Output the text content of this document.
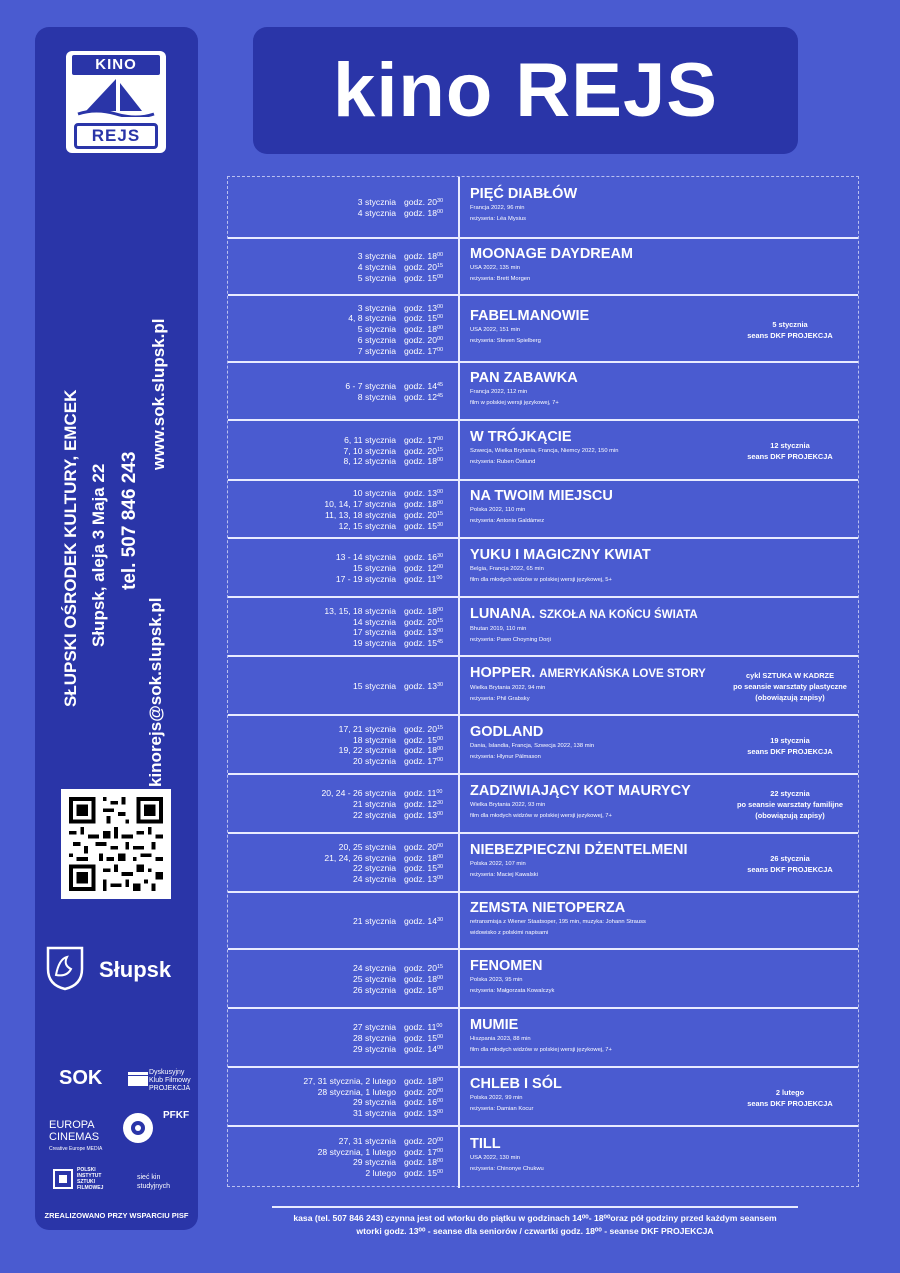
KINO
REJS
SŁUPSKI OŚRODEK KULTURY, EMCEK Słupsk, aleja 3 Maja 22 tel. 507 846 243
kinorejs@sok.slupsk.pl
www.sok.slupsk.pl
Słupsk
SOK	Dyskusyjny Klub Filmowy PROJEKCJA
EUROPA CINEMAS
Creative Europe MEDIA
PFKF
POLSKI INSTYTUT SZTUKI FILMOWEJ
sieć kin studyjnych
ZREALIZOWANO PRZY WSPARCIU PISF
kino REJS
3 stycznia
4 stycznia
godz. $20^{30}$
godz. $18^{00}$
PIĘĆ DIABŁÓW
Francja 2022, 96 min
reżyseria: Léa Mysius
3 stycznia
4 stycznia
5 stycznia
godz. $18^{00}$
godz. $20^{15}$
godz. $15^{00}$
MOONAGE DAYDREAM
USA 2022, 135 min
reżyseria: Brett Morgen
3 stycznia
4, 8 stycznia
5 stycznia
6 stycznia
7 stycznia
godz. $13^{00}$
godz. $15^{00}$
godz. $18^{00}$
godz. $20^{00}$
godz. $17^{00}$
FABELMANOWIE
USA 2022, 151 min
reżyseria: Steven Spielberg
5 stycznia
seans DKF PROJEKCJA
6 - 7 stycznia
8 stycznia
godz. $14^{45}$
godz. $12^{45}$
PAN ZABAWKA
Francja 2022, 112 min
film w polskiej wersji językowej, 7+
6, 11 stycznia
7, 10 stycznia
8, 12 stycznia
godz. $17^{00}$
godz. $20^{15}$
godz. $18^{00}$
W TRÓJKĄCIE
Szwecja, Wielka Brytania, Francja, Niemcy 2022, 150 min
reżyseria: Ruben Östlund
12 stycznia
seans DKF PROJEKCJA
10 stycznia
10, 14, 17 stycznia
11, 13, 18 stycznia
12, 15 stycznia
godz. $13^{00}$
godz. $18^{00}$
godz. $20^{15}$
godz. $15^{30}$
NA TWOIM MIEJSCU
Polska 2022, 110 min
reżyseria: Antonio Galdámez
13 - 14 stycznia
15 stycznia
17 - 19 stycznia
godz. $16^{30}$
godz. $12^{00}$
godz. $11^{00}$
YUKU I MAGICZNY KWIAT
Belgia, Francja 2022, 65 min
film dla młodych widzów w polskiej wersji językowej, 5+
13, 15, 18 stycznia
14 stycznia
17 stycznia
19 stycznia
godz. $18^{00}$
godz. $20^{15}$
godz. $13^{00}$
godz. $15^{45}$
LUNANA. SZKOŁA NA KOŃCU ŚWIATA
Bhutan 2019, 110 min
reżyseria: Pawo Choyning Dorji
15 stycznia godz. $13^{30}$
HOPPER. AMERYKAŃSKA LOVE STORY
Wielka Brytania 2022, 94 min
reżyseria: Phil Grabsky
cykl SZTUKA W KADRZE
po seansie warsztaty plastyczne
(obowiązują zapisy)
17, 21 stycznia
18 stycznia
19, 22 stycznia
20 stycznia
godz. $20^{15}$
godz. $15^{00}$
godz. $18^{00}$
godz. $17^{00}$
GODLAND
Dania, Islandia, Francja, Szwecja 2022, 138 min
reżyseria: Hlynur Pálmason
19 stycznia
seans DKF PROJEKCJA
20, 24 - 26 stycznia
21 stycznia
22 stycznia
godz. $11^{00}$
godz. $12^{30}$
godz. $13^{00}$
ZADZIWIAJĄCY KOT MAURYCY
Wielka Brytania 2022, 93 min
film dla młodych widzów w polskiej wersji językowej, 7+
22 stycznia
po seansie warsztaty familijne
(obowiązują zapisy)
20, 25 stycznia
21, 24, 26 stycznia
22 stycznia
24 stycznia
godz. $20^{00}$
godz. $18^{00}$
godz. $15^{30}$
godz. $13^{00}$
NIEBEZPIECZNI DŻENTELMENI
Polska 2022, 107 min
reżyseria: Maciej Kawalski
26 stycznia
seans DKF PROJEKCJA
21 stycznia godz. $14^{30}$
ZEMSTA NIETOPERZA
retransmisja z Wiener Staatsoper, 195 min, muzyka: Johann Strauss
widowisko z polskimi napisami
24 stycznia
25 stycznia
26 stycznia
godz. $20^{15}$
godz. $18^{00}$
godz. $16^{00}$
FENOMEN
Polska 2023, 95 min
reżyseria: Małgorzata Kowalczyk
27 stycznia
28 stycznia
29 stycznia
godz. $11^{00}$
godz. $15^{00}$
godz. $14^{00}$
MUMIE
Hiszpania 2023, 88 min
film dla młodych widzów w polskiej wersji językowej, 7+
27, 31 stycznia, 2 lutego
28 stycznia, 1 lutego
29 stycznia
31 stycznia
godz. $18^{00}$
godz. $20^{00}$
godz. $16^{00}$
godz. $13^{00}$
CHLEB I SÓL
Polska 2022, 99 min
reżyseria: Damian Kocur
2 lutego
seans DKF PROJEKCJA
27, 31 stycznia
28 stycznia, 1 lutego
29 stycznia
2 lutego
godz. $20^{00}$
godz. $17^{00}$
godz. $18^{00}$
godz. $15^{00}$
TILL
USA 2022, 130 min
reżyseria: Chinonye Chukwu
kasa (tel. 507 846 243) czynna jest od wtorku do piątku w godzinach 14⁰⁰- 18⁰⁰oraz pół godziny przed każdym seansem
wtorki godz. 13⁰⁰ - seanse dla seniorów / czwartki godz. 18⁰⁰ - seanse DKF PROJEKCJA
